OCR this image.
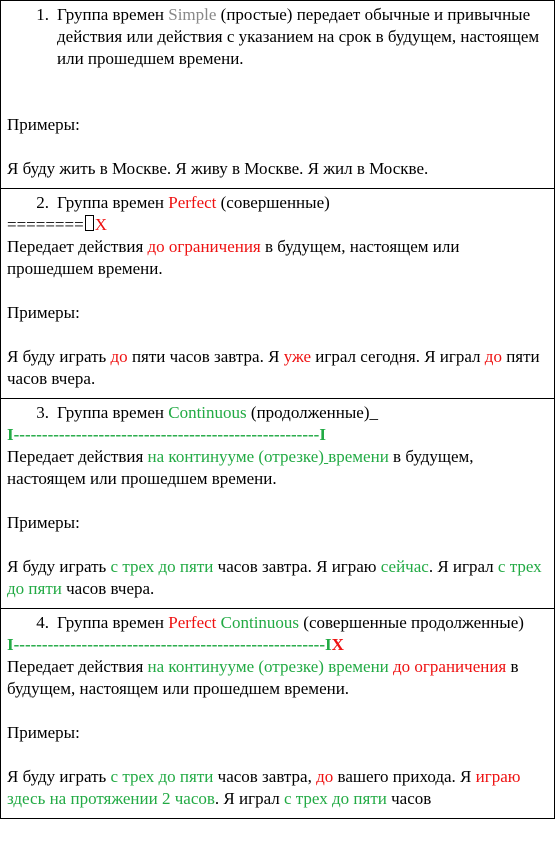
1. Группа времен Simple (простые) передает обычные и привычные действия или действия с указанием на срок в будущем, настоящем или прошедшем времени.

Примеры:

Я буду жить в Москве. Я живу в Москве. Я жил в Москве.

2. Группа времен Perfect (совершенные)

======== X

Передает действия до ограничения в будущем, настоящем или прошедшем времени.

Примеры:

Я буду играть до пяти часов завтра. Я уже играл сегодня. Я играл до пяти часов вчера.

3. Группа времен Continuous (продолженные)_

I------------------------------------------------------I

Передает действия на континууме (отрезке) времени в будущем, настоящем или прошедшем времени.

Примеры:

Я буду играть с трех до пяти часов завтра. Я играю сейчас. Я играл с трех до пяти часов вчера.

4. Группа времен Perfect Continuous (совершенные продолженные)

I-------------------------------------------------------IX

Передает действия на континууме (отрезке) времени до ограничения в будущем, настоящем или прошедшем времени.

Примеры:

Я буду играть с трех до пяти часов завтра, до вашего прихода. Я играю здесь на протяжении 2 часов. Я играл с трех до пяти часов
